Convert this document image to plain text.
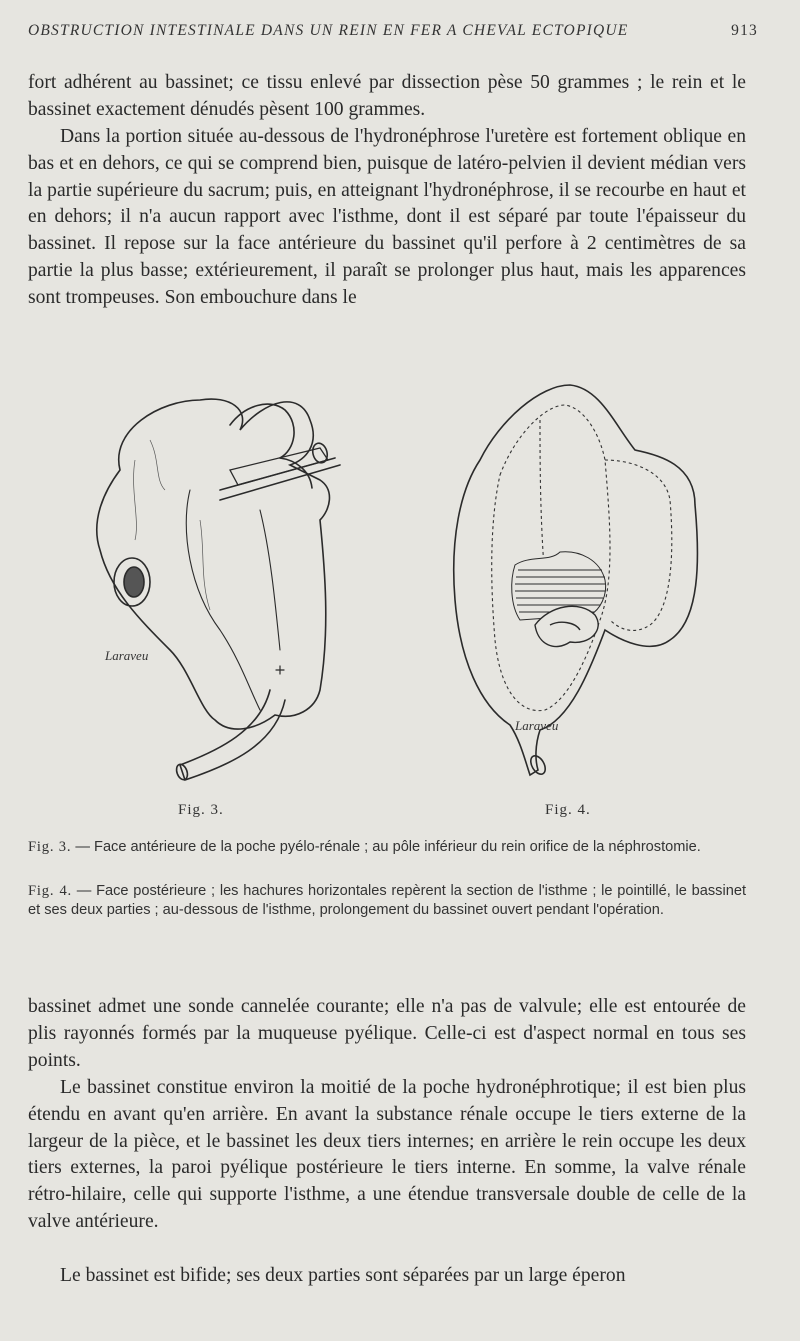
OBSTRUCTION INTESTINALE DANS UN REIN EN FER A CHEVAL ECTOPIQUE	913

fort adhérent au bassinet; ce tissu enlevé par dissection pèse 50 grammes ; le rein et le bassinet exactement dénudés pèsent 100 grammes.

Dans la portion située au-dessous de l'hydronéphrose l'uretère est fortement oblique en bas et en dehors, ce qui se comprend bien, puisque de latéro-pelvien il devient médian vers la partie supérieure du sacrum; puis, en atteignant l'hydronéphrose, il se recourbe en haut et en dehors; il n'a aucun rapport avec l'isthme, dont il est séparé par toute l'épaisseur du bassinet. Il repose sur la face antérieure du bassinet qu'il perfore à 2 centimètres de sa partie la plus basse; extérieurement, il paraît se prolonger plus haut, mais les apparences sont trompeuses. Son embouchure dans le

Laraveu
Laraveu
Fig. 3.	Fig. 4.

Fig. 3. — Face antérieure de la poche pyélo-rénale ; au pôle inférieur du rein orifice de la néphrostomie.

Fig. 4. — Face postérieure ; les hachures horizontales repèrent la section de l'isthme ; le pointillé, le bassinet et ses deux parties ; au-dessous de l'isthme, prolongement du bassinet ouvert pendant l'opération.

bassinet admet une sonde cannelée courante; elle n'a pas de valvule; elle est entourée de plis rayonnés formés par la muqueuse pyélique. Celle-ci est d'aspect normal en tous ses points.

Le bassinet constitue environ la moitié de la poche hydronéphrotique; il est bien plus étendu en avant qu'en arrière. En avant la substance rénale occupe le tiers externe de la largeur de la pièce, et le bassinet les deux tiers internes; en arrière le rein occupe les deux tiers externes, la paroi pyélique postérieure le tiers interne. En somme, la valve rénale rétro-hilaire, celle qui supporte l'isthme, a une étendue transversale double de celle de la valve antérieure.

Le bassinet est bifide; ses deux parties sont séparées par un large éperon
